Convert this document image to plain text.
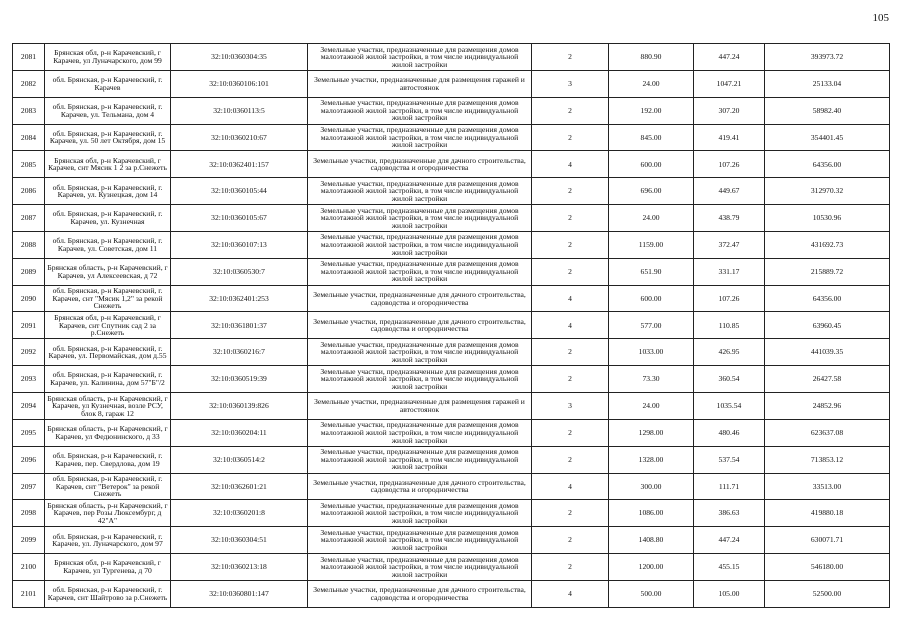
105
2081	Брянская обл, р-н Карачевский, г Карачев, ул Луначарского, дом 99	32:10:0360304:35	Земельные участки, предназначенные для размещения домов малоэтажной жилой застройки, в том числе индивидуальной жилой застройки	2	880.90	447.24	393973.72
2082	обл. Брянская, р-н Карачевский, г. Карачев	32:10:0360106:101	Земельные участки, предназначенные для размещения гаражей и автостоянок	3	24.00	1047.21	25133.04
2083	обл. Брянская, р-н Карачевский, г. Карачев, ул. Тельмана, дом 4	32:10:0360113:5	Земельные участки, предназначенные для размещения домов малоэтажной жилой застройки, в том числе индивидуальной жилой застройки	2	192.00	307.20	58982.40
2084	обл. Брянская, р-н Карачевский, г. Карачев, ул. 50 лет Октября, дом 15	32:10:0360210:67	Земельные участки, предназначенные для размещения домов малоэтажной жилой застройки, в том числе индивидуальной жилой застройки	2	845.00	419.41	354401.45
2085	Брянская обл, р-н Карачевский, г Карачев, снт Мясик 1 2 за р.Снежеть	32:10:0362401:157	Земельные участки, предназначенные для дачного строительства, садоводства и огородничества	4	600.00	107.26	64356.00
2086	обл. Брянская, р-н Карачевский, г. Карачев, ул. Кузнецкая, дом 14	32:10:0360105:44	Земельные участки, предназначенные для размещения домов малоэтажной жилой застройки, в том числе индивидуальной жилой застройки	2	696.00	449.67	312970.32
2087	обл. Брянская, р-н Карачевский, г. Карачев, ул. Кузнечная	32:10:0360105:67	Земельные участки, предназначенные для размещения домов малоэтажной жилой застройки, в том числе индивидуальной жилой застройки	2	24.00	438.79	10530.96
2088	обл. Брянская, р-н Карачевский, г. Карачев, ул. Советская, дом 11	32:10:0360107:13	Земельные участки, предназначенные для размещения домов малоэтажной жилой застройки, в том числе индивидуальной жилой застройки	2	1159.00	372.47	431692.73
2089	Брянская область, р-н Карачевский, г Карачев, ул Алексеевская, д 72	32:10:0360530:7	Земельные участки, предназначенные для размещения домов малоэтажной жилой застройки, в том числе индивидуальной жилой застройки	2	651.90	331.17	215889.72
2090	обл. Брянская, р-н Карачевский, г. Карачев, снт "Мясик 1,2" за рекой Снежеть	32:10:0362401:253	Земельные участки, предназначенные для дачного строительства, садоводства и огородничества	4	600.00	107.26	64356.00
2091	Брянская обл, р-н Карачевский, г Карачев, снт Спутник сад 2 за р.Снежеть	32:10:0361801:37	Земельные участки, предназначенные для дачного строительства, садоводства и огородничества	4	577.00	110.85	63960.45
2092	обл. Брянская, р-н Карачевский, г. Карачев, ул. Первомайская, дом д.55	32:10:0360216:7	Земельные участки, предназначенные для размещения домов малоэтажной жилой застройки, в том числе индивидуальной жилой застройки	2	1033.00	426.95	441039.35
2093	обл. Брянская, р-н Карачевский, г. Карачев, ул. Калинина, дом 57"Б"/2	32:10:0360519:39	Земельные участки, предназначенные для размещения домов малоэтажной жилой застройки, в том числе индивидуальной жилой застройки	2	73.30	360.54	26427.58
2094	Брянская область, р-н Карачевский, г Карачев, ул Кузнечная, возле РСУ, блок 8, гараж 12	32:10:0360139:826	Земельные участки, предназначенные для размещения гаражей и автостоянок	3	24.00	1035.54	24852.96
2095	Брянская область, р-н Карачевский, г Карачев, ул Федюнинского, д 33	32:10:0360204:11	Земельные участки, предназначенные для размещения домов малоэтажной жилой застройки, в том числе индивидуальной жилой застройки	2	1298.00	480.46	623637.08
2096	обл. Брянская, р-н Карачевский, г. Карачев, пер. Свердлова, дом 19	32:10:0360514:2	Земельные участки, предназначенные для размещения домов малоэтажной жилой застройки, в том числе индивидуальной жилой застройки	2	1328.00	537.54	713853.12
2097	обл. Брянская, р-н Карачевский, г. Карачев, снт "Ветерок" за рекой Снежеть	32:10:0362601:21	Земельные участки, предназначенные для дачного строительства, садоводства и огородничества	4	300.00	111.71	33513.00
2098	Брянская область, р-н Карачевский, г Карачев, пер Розы Люксембург, д 42"А"	32:10:0360201:8	Земельные участки, предназначенные для размещения домов малоэтажной жилой застройки, в том числе индивидуальной жилой застройки	2	1086.00	386.63	419880.18
2099	обл. Брянская, р-н Карачевский, г. Карачев, ул. Луначарского, дом 97	32:10:0360304:51	Земельные участки, предназначенные для размещения домов малоэтажной жилой застройки, в том числе индивидуальной жилой застройки	2	1408.80	447.24	630071.71
2100	Брянская обл, р-н Карачевский, г Карачев, ул Тургенева, д 70	32:10:0360213:18	Земельные участки, предназначенные для размещения домов малоэтажной жилой застройки, в том числе индивидуальной жилой застройки	2	1200.00	455.15	546180.00
2101	обл. Брянская, р-н Карачевский, г. Карачев, снт Шайтрово за р.Снежеть	32:10:0360801:147	Земельные участки, предназначенные для дачного строительства, садоводства и огородничества	4	500.00	105.00	52500.00
